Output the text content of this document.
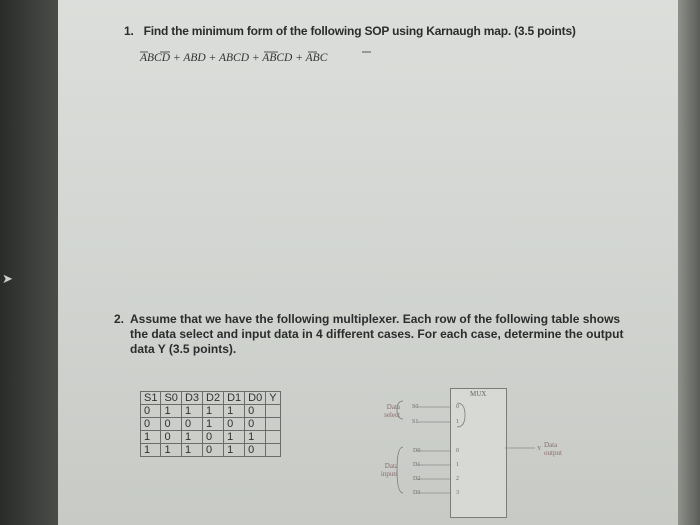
➤
1. Find the minimum form of the following SOP using Karnaugh map. (3.5 points)
ABCD + ABD + ABCD + ABCD + ABC
2. Assume that we have the following multiplexer. Each row of the following table shows the data select and input data in 4 different cases. For each case, determine the output data Y (3.5 points).
S1	S0	D3	D2	D1	D0	Y
0	1	1	1	1	0	
0	0	0	1	0	0	
1	0	1	0	1	1	
1	1	1	0	1	0	
MUX
Data select
Data inputs
Data output
S0
S1
D0
D1
D2
D3
Y
0
1
0
1
2
3
